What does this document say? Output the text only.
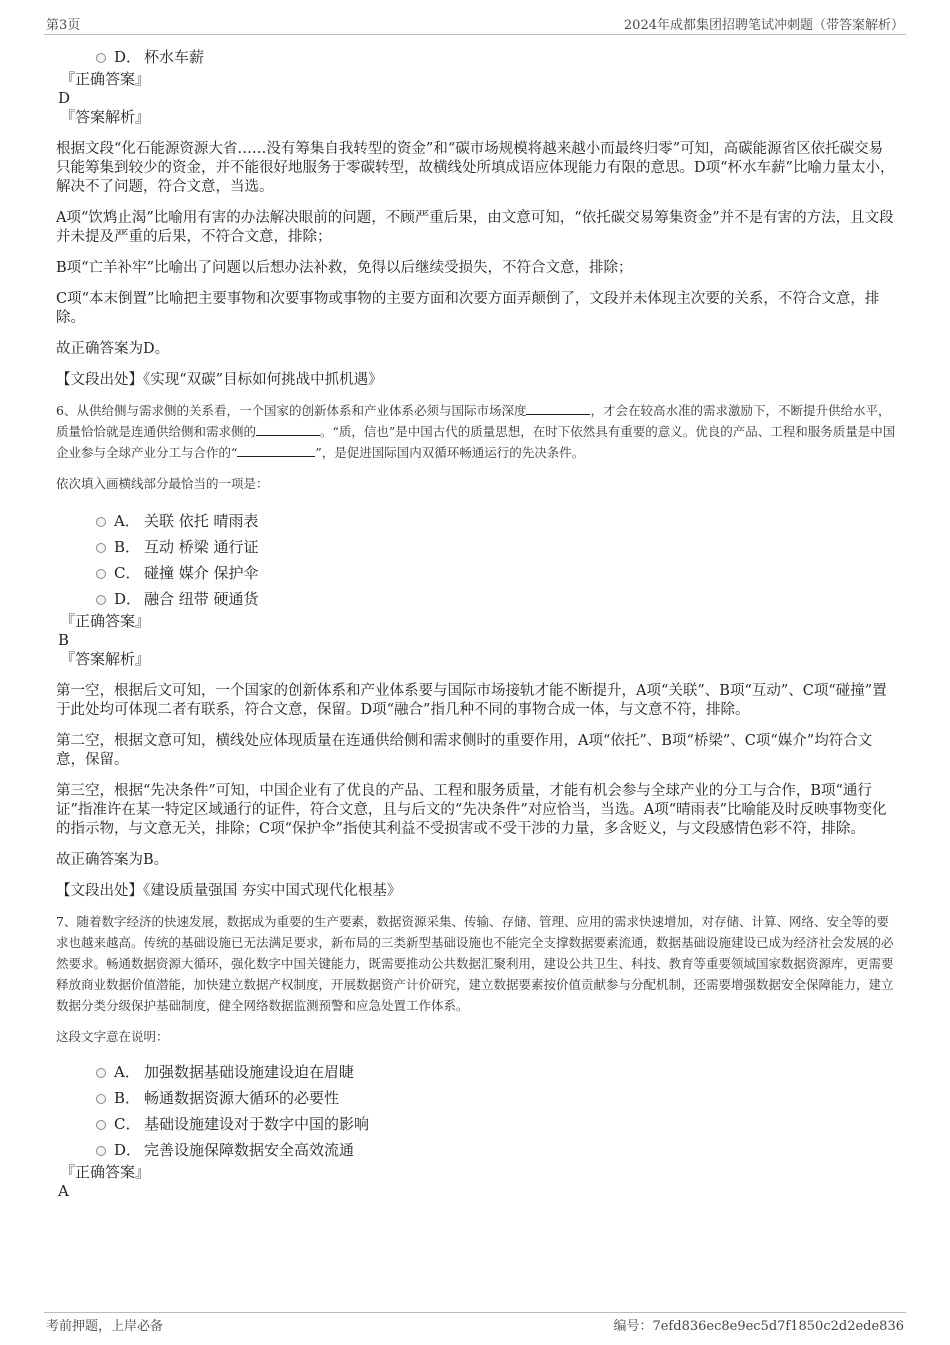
第3页	2024年成都集团招聘笔试冲刺题（带答案解析）
D． 杯水车薪
『正确答案』
D
『答案解析』

根据文段“化石能源资源大省……没有筹集自我转型的资金”和“碳市场规模将越来越小而最终归零”可知，高碳能源省区依托碳交易只能筹集到较少的资金，并不能很好地服务于零碳转型，故横线处所填成语应体现能力有限的意思。D项“杯水车薪”比喻力量太小，解决不了问题，符合文意，当选。

A项“饮鸩止渴”比喻用有害的办法解决眼前的问题，不顾严重后果，由文意可知，“依托碳交易筹集资金”并不是有害的方法，且文段并未提及严重的后果，不符合文意，排除；

B项“亡羊补牢”比喻出了问题以后想办法补救，免得以后继续受损失，不符合文意，排除；

C项“本末倒置”比喻把主要事物和次要事物或事物的主要方面和次要方面弄颠倒了，文段并未体现主次要的关系，不符合文意，排除。

故正确答案为D。

【文段出处】《实现“双碳”目标如何挑战中抓机遇》

6、从供给侧与需求侧的关系看，一个国家的创新体系和产业体系必须与国际市场深度	，才会在较高水准的需求激励下，不断提升供给水平，质量恰恰就是连通供给侧和需求侧的	。“质，信也”是中国古代的质量思想，在时下依然具有重要的意义。优良的产品、工程和服务质量是中国企业参与全球产业分工与合作的“	”，是促进国际国内双循环畅通运行的先决条件。

依次填入画横线部分最恰当的一项是：

A． 关联 依托 晴雨表
B． 互动 桥梁 通行证
C． 碰撞 媒介 保护伞
D． 融合 纽带 硬通货
『正确答案』
B
『答案解析』

第一空，根据后文可知，一个国家的创新体系和产业体系要与国际市场接轨才能不断提升，A项“关联”、B项“互动”、C项“碰撞”置于此处均可体现二者有联系，符合文意，保留。D项“融合”指几种不同的事物合成一体，与文意不符，排除。

第二空，根据文意可知，横线处应体现质量在连通供给侧和需求侧时的重要作用，A项“依托”、B项“桥梁”、C项“媒介”均符合文意，保留。

第三空，根据“先决条件”可知，中国企业有了优良的产品、工程和服务质量，才能有机会参与全球产业的分工与合作，B项“通行证”指准许在某一特定区域通行的证件，符合文意，且与后文的“先决条件”对应恰当，当选。A项“晴雨表”比喻能及时反映事物变化的指示物，与文意无关，排除；C项“保护伞”指使其利益不受损害或不受干涉的力量，多含贬义，与文段感情色彩不符，排除。

故正确答案为B。

【文段出处】《建设质量强国 夯实中国式现代化根基》

7、随着数字经济的快速发展，数据成为重要的生产要素，数据资源采集、传输、存储、管理、应用的需求快速增加，对存储、计算、网络、安全等的要求也越来越高。传统的基础设施已无法满足要求，新布局的三类新型基础设施也不能完全支撑数据要素流通，数据基础设施建设已成为经济社会发展的必然要求。畅通数据资源大循环，强化数字中国关键能力，既需要推动公共数据汇聚利用，建设公共卫生、科技、教育等重要领域国家数据资源库，更需要释放商业数据价值潜能，加快建立数据产权制度，开展数据资产计价研究，建立数据要素按价值贡献参与分配机制，还需要增强数据安全保障能力，建立数据分类分级保护基础制度，健全网络数据监测预警和应急处置工作体系。

这段文字意在说明：

A． 加强数据基础设施建设迫在眉睫
B． 畅通数据资源大循环的必要性
C． 基础设施建设对于数字中国的影响
D． 完善设施保障数据安全高效流通
『正确答案』
A
考前押题，上岸必备	编号：7efd836ec8e9ec5d7f1850c2d2ede836
